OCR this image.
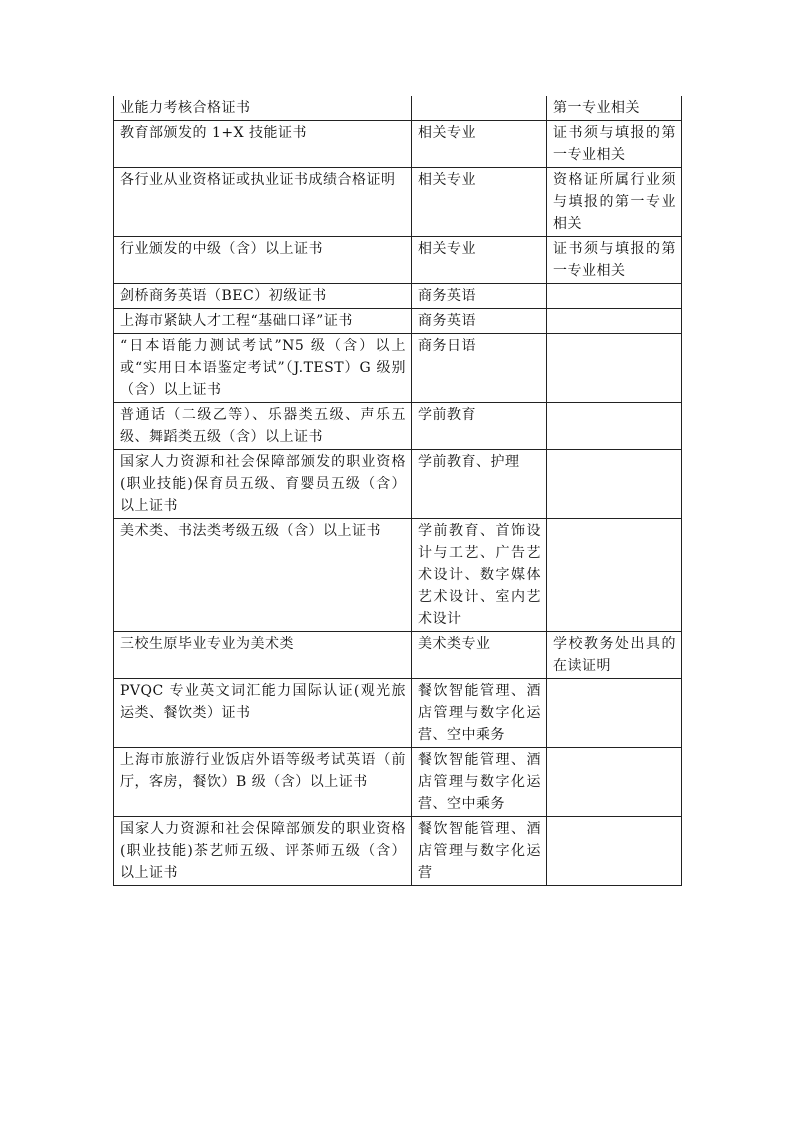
业能力考核合格证书		第一专业相关
教育部颁发的 1+X 技能证书	相关专业	证书须与填报的第一专业相关
各行业从业资格证或执业证书成绩合格证明	相关专业	资格证所属行业须与填报的第一专业相关
行业颁发的中级（含）以上证书	相关专业	证书须与填报的第一专业相关
剑桥商务英语（BEC）初级证书	商务英语	
上海市紧缺人才工程“基础口译”证书	商务英语	
“日本语能力测试考试”N5 级（含）以上或“实用日本语鉴定考试”（J.TEST）G 级别（含）以上证书	商务日语	
普通话（二级乙等）、乐器类五级、声乐五级、舞蹈类五级（含）以上证书	学前教育	
国家人力资源和社会保障部颁发的职业资格(职业技能)保育员五级、育婴员五级（含）以上证书	学前教育、护理	
美术类、书法类考级五级（含）以上证书	学前教育、首饰设计与工艺、广告艺术设计、数字媒体艺术设计、室内艺术设计	
三校生原毕业专业为美术类	美术类专业	学校教务处出具的在读证明
PVQC 专业英文词汇能力国际认证(观光旅运类、餐饮类）证书	餐饮智能管理、酒店管理与数字化运营、空中乘务	
上海市旅游行业饭店外语等级考试英语（前厅，客房，餐饮）B 级（含）以上证书	餐饮智能管理、酒店管理与数字化运营、空中乘务	
国家人力资源和社会保障部颁发的职业资格(职业技能)茶艺师五级、评茶师五级（含）以上证书	餐饮智能管理、酒店管理与数字化运营	
